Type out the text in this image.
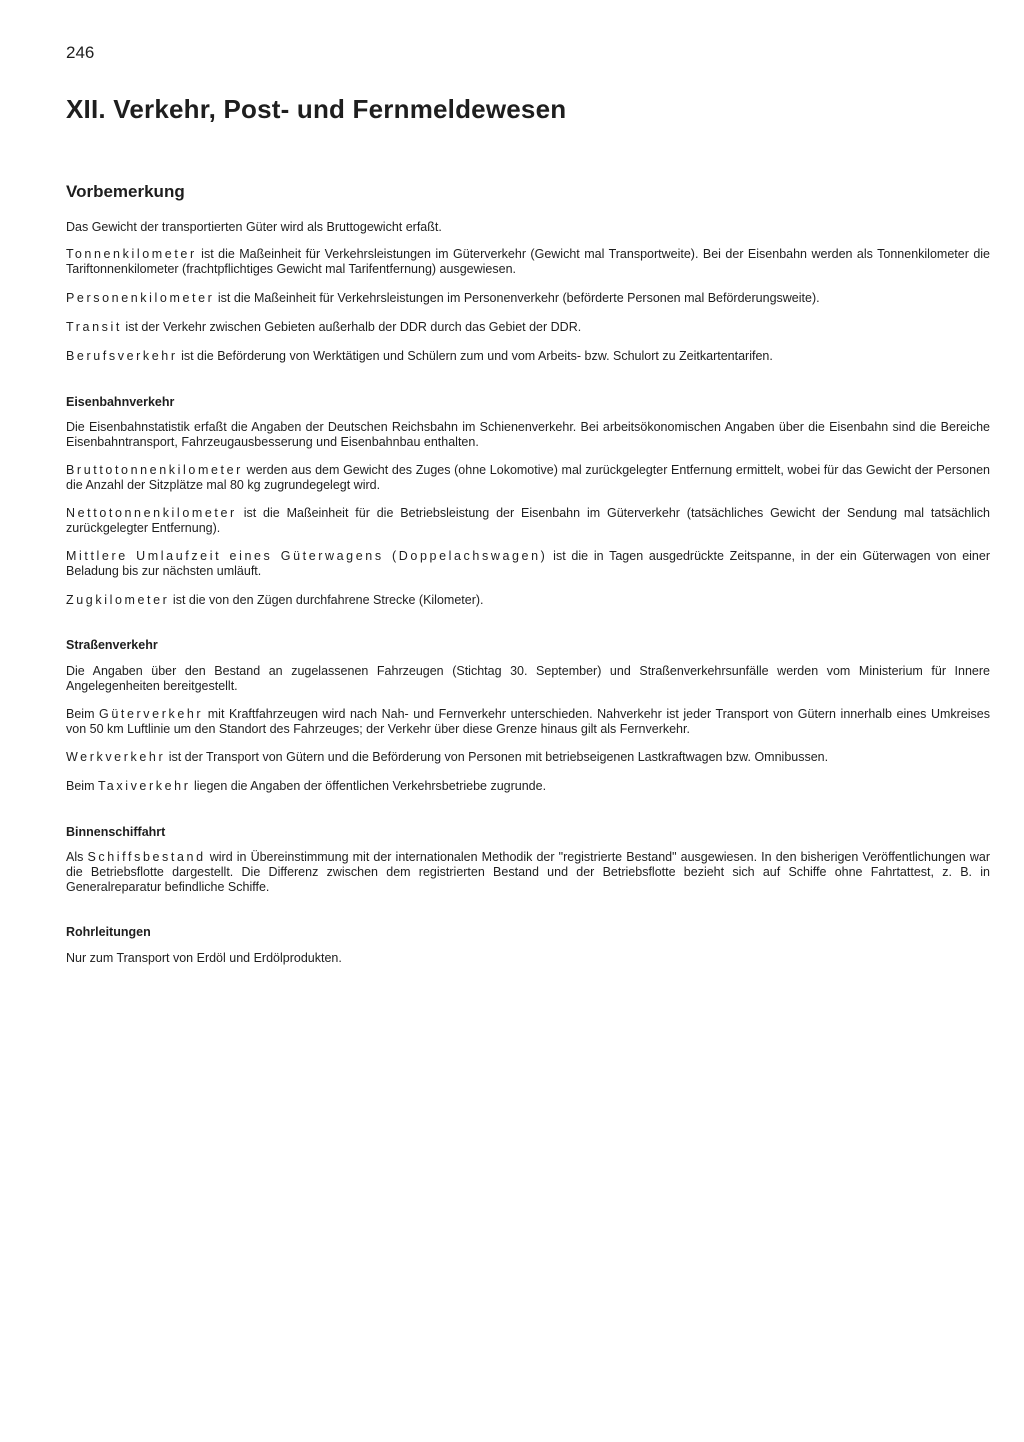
246
XII. Verkehr, Post- und Fernmeldewesen
Vorbemerkung

Das Gewicht der transportierten Güter wird als Bruttogewicht erfaßt.

Tonnenkilometer ist die Maßeinheit für Verkehrsleistungen im Güterverkehr (Gewicht mal Transportweite). Bei der Eisenbahn werden als Tonnenkilometer die Tariftonnenkilometer (frachtpflichtiges Gewicht mal Tarifentfernung) ausgewiesen.

Personenkilometer ist die Maßeinheit für Verkehrsleistungen im Personenverkehr (beförderte Personen mal Beförderungsweite).

Transit ist der Verkehr zwischen Gebieten außerhalb der DDR durch das Gebiet der DDR.

Berufsverkehr ist die Beförderung von Werktätigen und Schülern zum und vom Arbeits- bzw. Schulort zu Zeitkartentarifen.

Eisenbahnverkehr

Die Eisenbahnstatistik erfaßt die Angaben der Deutschen Reichsbahn im Schienenverkehr. Bei arbeitsökonomischen Angaben über die Eisenbahn sind die Bereiche Eisenbahntransport, Fahrzeugausbesserung und Eisenbahnbau enthalten.

Bruttotonnenkilometer werden aus dem Gewicht des Zuges (ohne Lokomotive) mal zurückgelegter Entfernung ermittelt, wobei für das Gewicht der Personen die Anzahl der Sitzplätze mal 80 kg zugrundegelegt wird.

Nettotonnenkilometer ist die Maßeinheit für die Betriebsleistung der Eisenbahn im Güterverkehr (tatsächliches Gewicht der Sendung mal tatsächlich zurückgelegter Entfernung).

Mittlere Umlaufzeit eines Güterwagens (Doppelachswagen) ist die in Tagen ausgedrückte Zeitspanne, in der ein Güterwagen von einer Beladung bis zur nächsten umläuft.

Zugkilometer ist die von den Zügen durchfahrene Strecke (Kilometer).

Straßenverkehr

Die Angaben über den Bestand an zugelassenen Fahrzeugen (Stichtag 30. September) und Straßenverkehrsunfälle werden vom Ministerium für Innere Angelegenheiten bereitgestellt.

Beim Güterverkehr mit Kraftfahrzeugen wird nach Nah- und Fernverkehr unterschieden. Nahverkehr ist jeder Transport von Gütern innerhalb eines Umkreises von 50 km Luftlinie um den Standort des Fahrzeuges; der Verkehr über diese Grenze hinaus gilt als Fernverkehr.

Werkverkehr ist der Transport von Gütern und die Beförderung von Personen mit betriebseigenen Lastkraftwagen bzw. Omnibussen.

Beim Taxiverkehr liegen die Angaben der öffentlichen Verkehrsbetriebe zugrunde.

Binnenschiffahrt

Als Schiffsbestand wird in Übereinstimmung mit der internationalen Methodik der "registrierte Bestand" ausgewiesen. In den bisherigen Veröffentlichungen war die Betriebsflotte dargestellt. Die Differenz zwischen dem registrierten Bestand und der Betriebsflotte bezieht sich auf Schiffe ohne Fahrtattest, z. B. in Generalreparatur befindliche Schiffe.

Rohrleitungen

Nur zum Transport von Erdöl und Erdölprodukten.
